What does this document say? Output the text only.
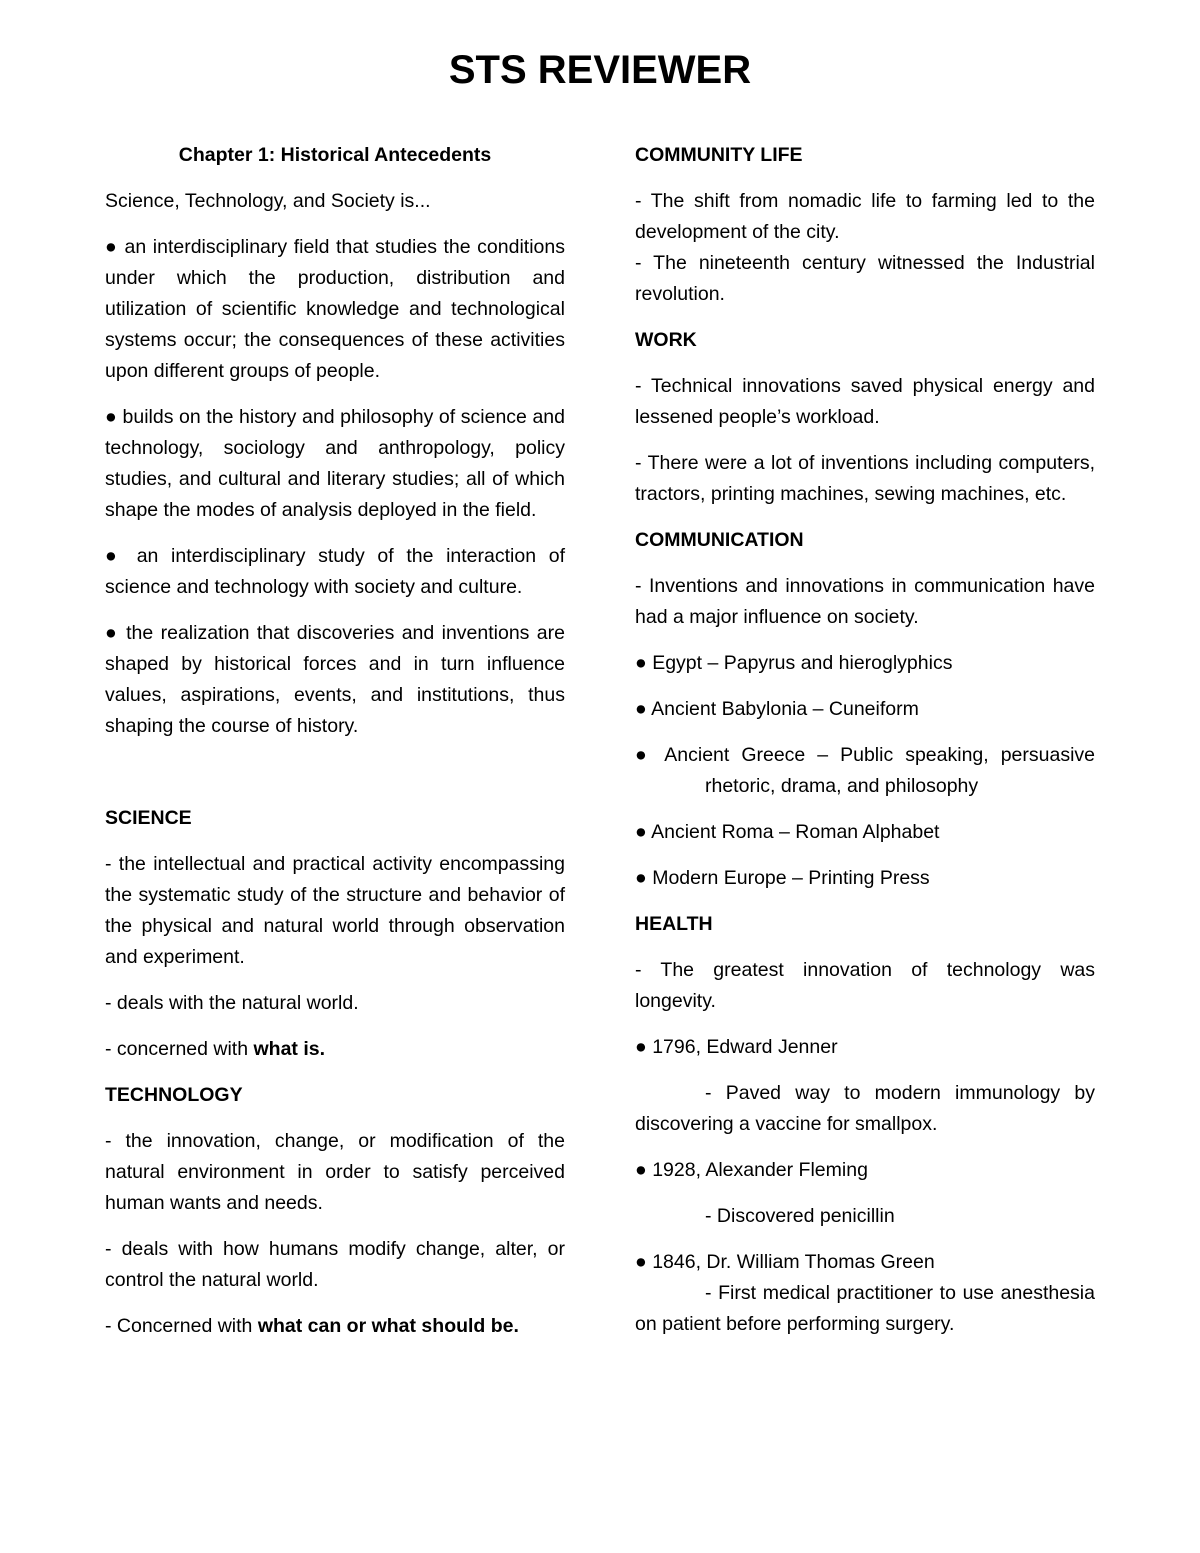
STS REVIEWER

Chapter 1: Historical Antecedents

Science, Technology, and Society is...

● an interdisciplinary field that studies the conditions under which the production, distribution and utilization of scientific knowledge and technological systems occur; the consequences of these activities upon different groups of people.

● builds on the history and philosophy of science and technology, sociology and anthropology, policy studies, and cultural and literary studies; all of which shape the modes of analysis deployed in the field.

● an interdisciplinary study of the interaction of science and technology with society and culture.

● the realization that discoveries and inventions are shaped by historical forces and in turn influence values, aspirations, events, and institutions, thus shaping the course of history.

SCIENCE

- the intellectual and practical activity encompassing the systematic study of the structure and behavior of the physical and natural world through observation and experiment.

- deals with the natural world.

- concerned with what is.

TECHNOLOGY

- the innovation, change, or modification of the natural environment in order to satisfy perceived human wants and needs.

- deals with how humans modify change, alter, or control the natural world.

- Concerned with what can or what should be.

COMMUNITY LIFE

- The shift from nomadic life to farming led to the development of the city.

- The nineteenth century witnessed the Industrial revolution.

WORK

- Technical innovations saved physical energy and lessened people’s workload.

- There were a lot of inventions including computers, tractors, printing machines, sewing machines, etc.

COMMUNICATION

- Inventions and innovations in communication have had a major influence on society.

● Egypt – Papyrus and hieroglyphics

● Ancient Babylonia – Cuneiform

● Ancient Greece – Public speaking, persuasive rhetoric, drama, and philosophy

● Ancient Roma – Roman Alphabet

● Modern Europe – Printing Press

HEALTH

- The greatest innovation of technology was longevity.

● 1796, Edward Jenner

- Paved way to modern immunology by discovering a vaccine for smallpox.

● 1928, Alexander Fleming

- Discovered penicillin

● 1846, Dr. William Thomas Green

- First medical practitioner to use anesthesia on patient before performing surgery.
